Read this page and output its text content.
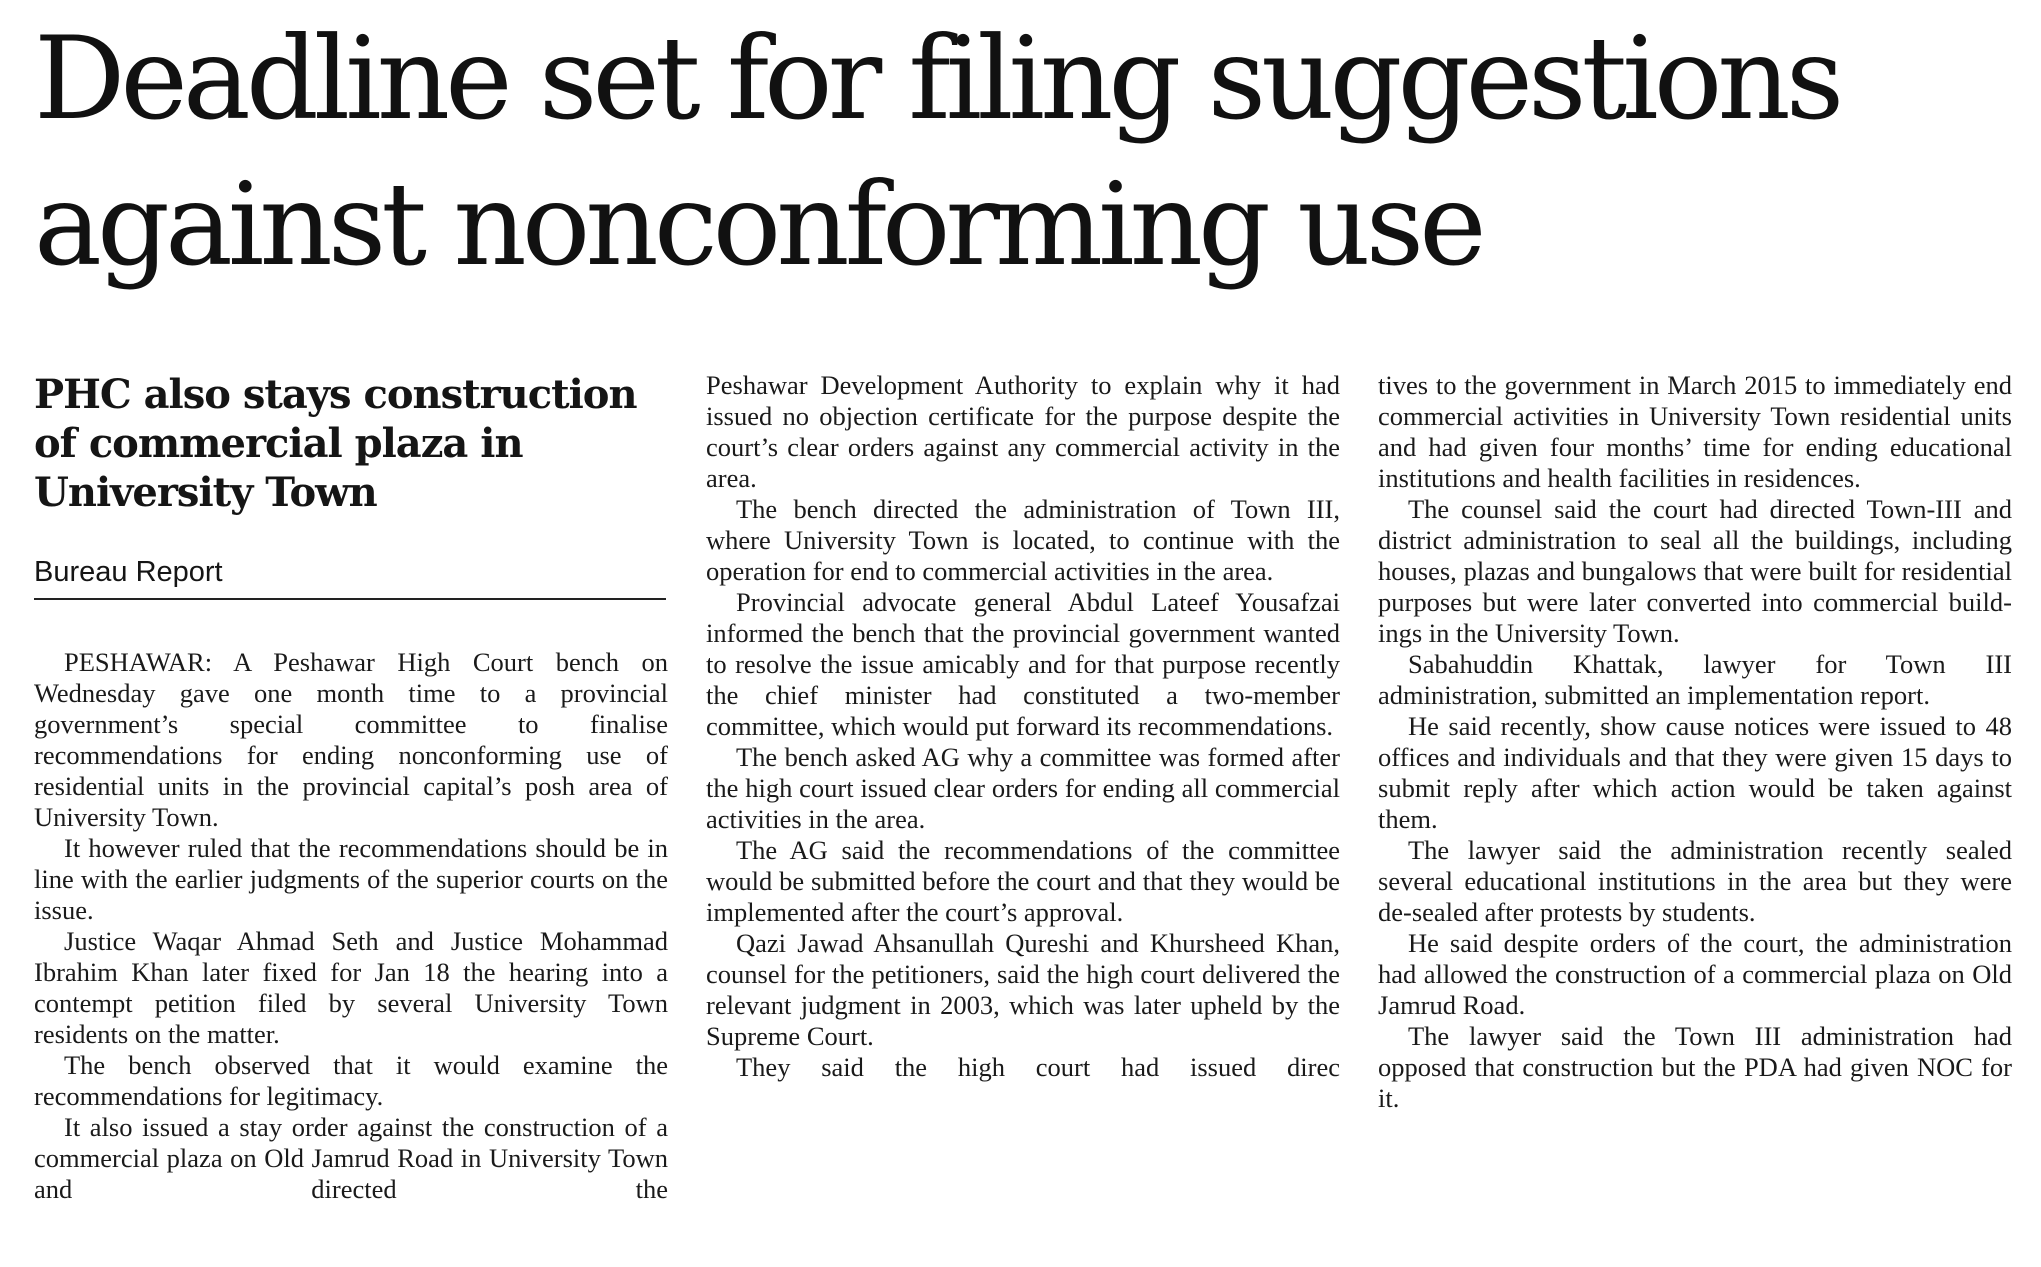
Deadline set for filing suggestions
against nonconforming use
PHC also stays construction
of commercial plaza in
University Town
Bureau Report

PESHAWAR: A Peshawar High Court bench on Wednesday gave one month time to a provincial government’s special committee to finalise recommendations for ending nonconforming use of residential units in the provincial capital’s posh area of University Town.

It however ruled that the recommendations should be in line with the earlier judgments of the superior courts on the issue.

Justice Waqar Ahmad Seth and Justice Mohammad Ibrahim Khan later fixed for Jan 18 the hearing into a contempt petition filed by several University Town residents on the matter.

The bench observed that it would examine the recommendations for legitimacy.

It also issued a stay order against the construction of a commercial plaza on Old Jamrud Road in University Town and directed the

Peshawar Development Authority to explain why it had issued no objection certificate for the purpose despite the court’s clear orders against any commercial activity in the area.

The bench directed the administration of Town III, where University Town is located, to continue with the operation for end to commercial activities in the area.

Provincial advocate general Abdul Lateef Yousafzai informed the bench that the provincial government wanted to resolve the issue amicably and for that purpose recently the chief minister had constituted a two-member committee, which would put forward its recommendations.

The bench asked AG why a committee was formed after the high court issued clear orders for ending all commercial activities in the area.

The AG said the recommendations of the committee would be submitted before the court and that they would be implemented after the court’s approval.

Qazi Jawad Ahsanullah Qureshi and Khursheed Khan, counsel for the petitioners, said the high court delivered the relevant judgment in 2003, which was later upheld by the Supreme Court.

They said the high court had issued direc

tives to the government in March 2015 to immediately end commercial activities in University Town residential units and had given four months’ time for ending educational institutions and health facilities in residences.

The counsel said the court had directed Town-III and district administration to seal all the buildings, including houses, plazas and bungalows that were built for residential purposes but were later converted into commercial buildings in the University Town.

Sabahuddin Khattak, lawyer for Town III administration, submitted an implementation report.

He said recently, show cause notices were issued to 48 offices and individuals and that they were given 15 days to submit reply after which action would be taken against them.

The lawyer said the administration recently sealed several educational institutions in the area but they were de-sealed after protests by students.

He said despite orders of the court, the administration had allowed the construction of a commercial plaza on Old Jamrud Road.

The lawyer said the Town III administration had opposed that construction but the PDA had given NOC for it.
